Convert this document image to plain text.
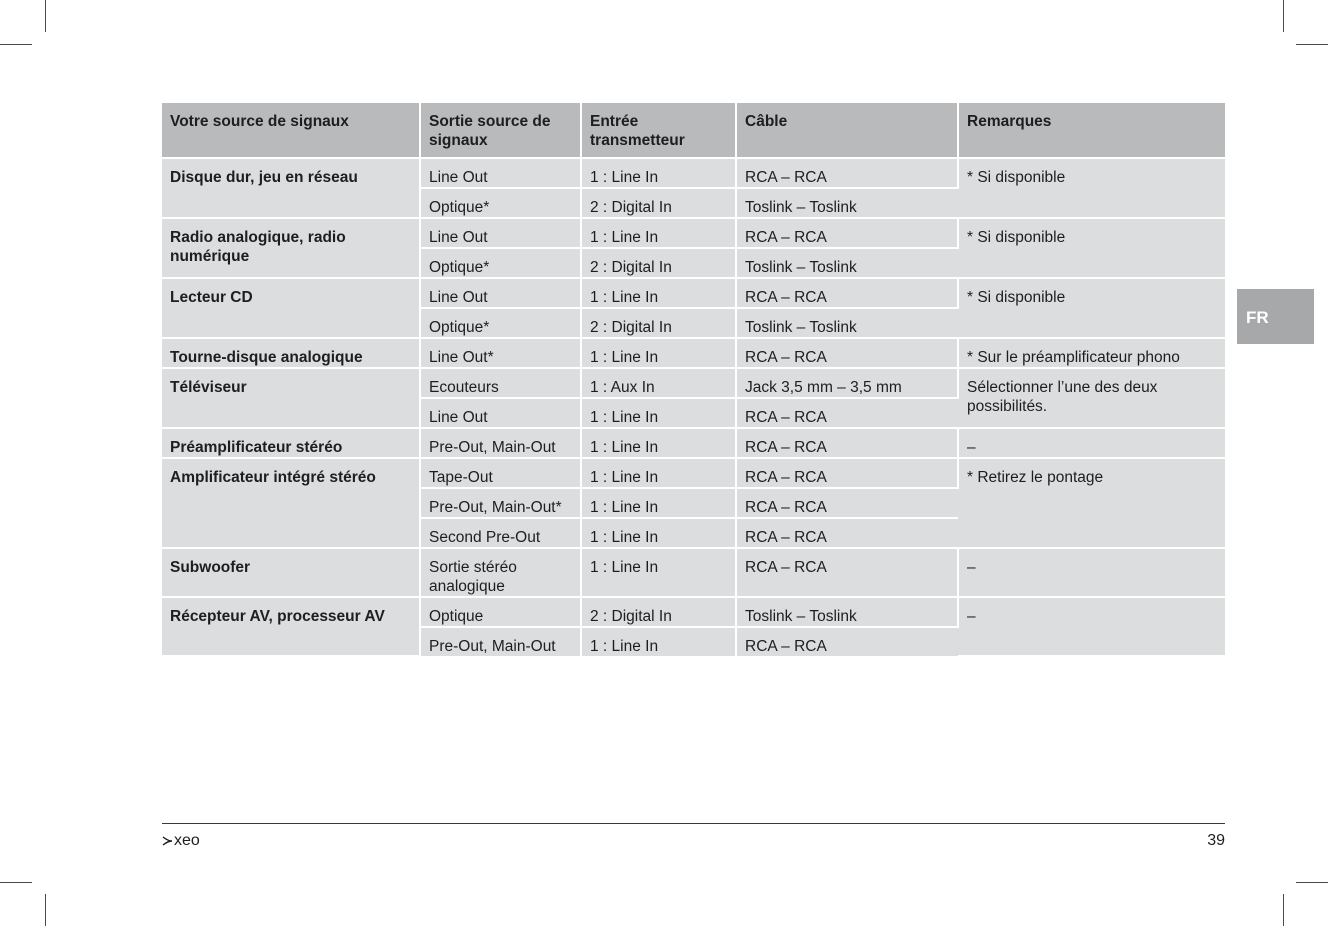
Votre source de signaux	Sortie source de signaux	Entrée transmetteur	Câble	Remarques
Disque dur, jeu en réseau	Line Out	1 : Line In	RCA – RCA	* Si disponible
	Optique*	2 : Digital In	Toslink – Toslink	
Radio analogique, radio numérique	Line Out	1 : Line In	RCA – RCA	* Si disponible
	Optique*	2 : Digital In	Toslink – Toslink	
Lecteur CD	Line Out	1 : Line In	RCA – RCA	* Si disponible
	Optique*	2 : Digital In	Toslink – Toslink	
Tourne-disque analogique	Line Out*	1 : Line In	RCA – RCA	* Sur le préamplificateur phono
Téléviseur	Ecouteurs	1 : Aux In	Jack 3,5 mm – 3,5 mm	Sélectionner l’une des deux possibilités.
	Line Out	1 : Line In	RCA – RCA	
Préamplificateur stéréo	Pre-Out, Main-Out	1 : Line In	RCA – RCA	–
Amplificateur intégré stéréo	Tape-Out	1 : Line In	RCA – RCA	* Retirez le pontage
	Pre-Out, Main-Out*	1 : Line In	RCA – RCA	
	Second Pre-Out	1 : Line In	RCA – RCA	
Subwoofer	Sortie stéréo analogique	1 : Line In	RCA – RCA	–
Récepteur AV, processeur AV	Optique	2 : Digital In	Toslink – Toslink	–
	Pre-Out, Main-Out	1 : Line In	RCA – RCA	
FR
xeo	39
